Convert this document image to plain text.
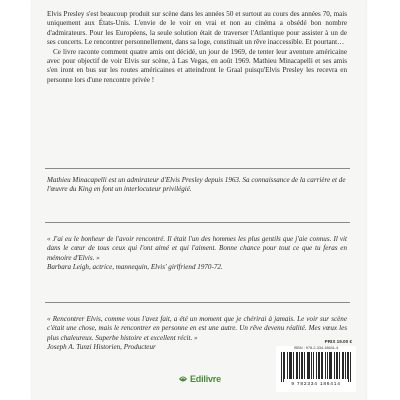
Elvis Presley s'est beaucoup produit sur scène dans les années 50 et surtout au cours des années 70, mais uniquement aux États-Unis. L'envie de le voir en vrai et non au cinéma a obsédé bon nombre d'admirateurs. Pour les Européens, la seule solution était de traverser l'Atlantique pour assister à un de ses concerts. Le rencontrer personnellement, dans sa loge, constituait un rêve inaccessible. Et pourtant…

Ce livre raconte comment quatre amis ont décidé, un jour de 1969, de tenter leur aventure américaine avec pour objectif de voir Elvis sur scène, à Las Vegas, en août 1969. Mathieu Minacapelli et ses amis s'en iront en bus sur les routes américaines et atteindront le Graal puisqu'Elvis Presley les recevra en personne lors d'une rencontre privée !

Mathieu Minacapelli est un admirateur d'Elvis Presley depuis 1963. Sa connaissance de la carrière et de l'œuvre du King en font un interlocuteur privilégié.
« J'ai eu le bonheur de l'avoir rencontré. Il était l'un des hommes les plus gentils que j'aie connus. Il vit dans le cœur de tous ceux qui l'ont aimé et qui l'aiment. Bonne chance pour tout ce que tu feras en mémoire d'Elvis. »
Barbara Leigh, actrice, mannequin, Elvis' girlfriend 1970-72.
« Rencontrer Elvis, comme vous l'avez fait, a été un moment que je chérirai à jamais. Le voir sur scène c'était une chose, mais le rencontrer en personne en est une autre. Un rêve devenu réalité. Mes vœux les plus chaleureux. Superbe histoire et excellent récit. »
Joseph A. Tunzi Historien, Producteur
PRIX 19.00 €
ISBN : 978-2-334-18641-4
9 782334 186414
Edilivre
